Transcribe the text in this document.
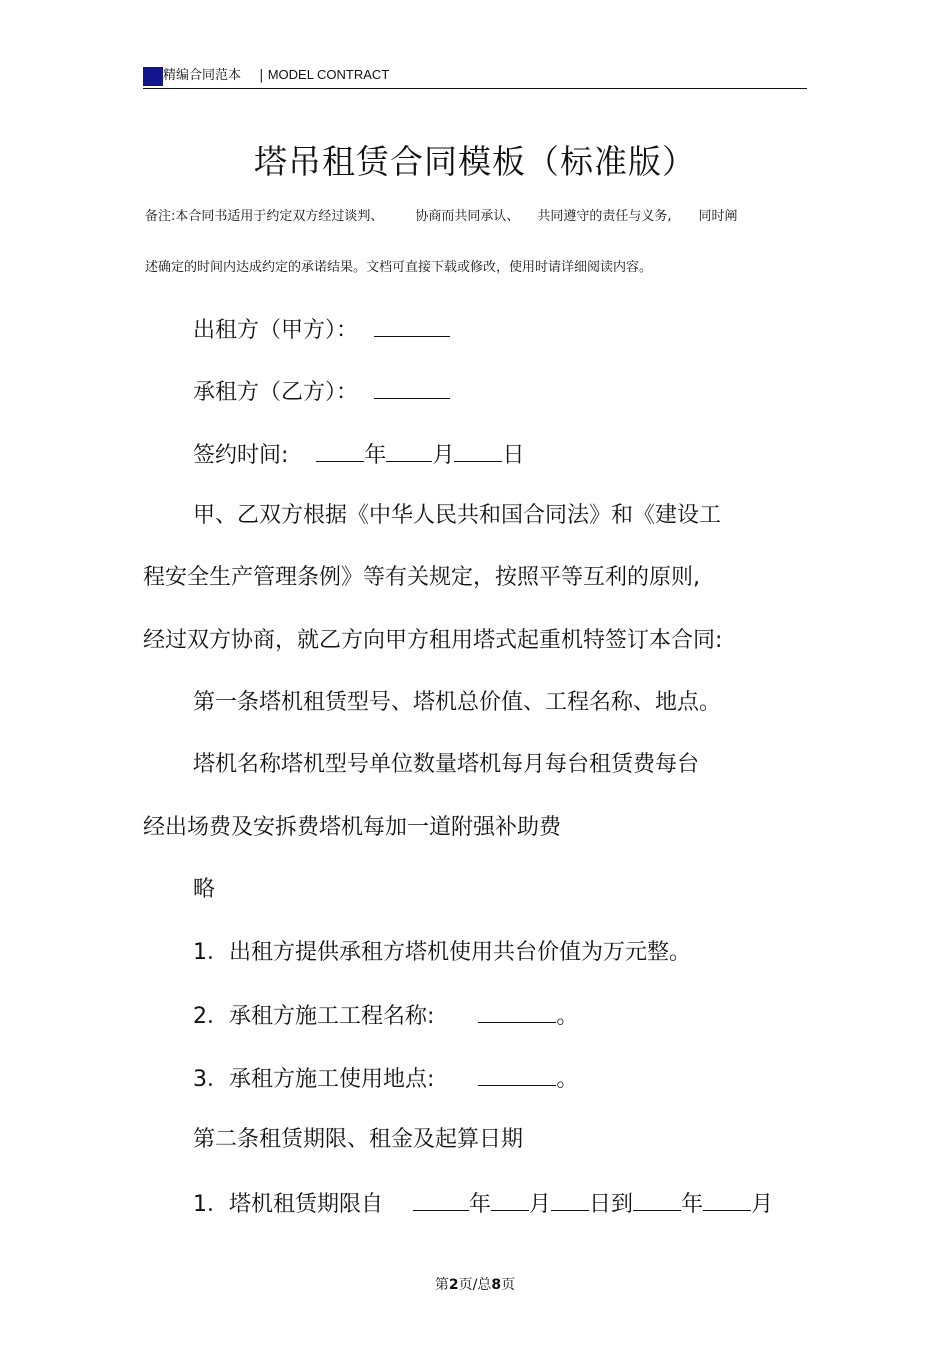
精编合同范本 | MODEL CONTRACT
塔吊租赁合同模板（标准版）
备注:本合同书适用于约定双方经过谈判、 协商而共同承认、 共同遵守的责任与义务, 同时阐
述确定的时间内达成约定的承诺结果。文档可直接下载或修改，使用时请详细阅读内容。
出租方（甲方）：
承租方（乙方）：
签约时间:	年 月 日
甲、乙双方根据《中华人民共和国合同法》和《建设工
程安全生产管理条例》等有关规定，按照平等互利的原则,
经过双方协商，就乙方向甲方租用塔式起重机特签订本合同:
第一条塔机租赁型号、塔机总价值、工程名称、地点。
塔机名称塔机型号单位数量塔机每月每台租赁费每台
经出场费及安拆费塔机每加一道附强补助费
略
1．出租方提供承租方塔机使用共台价值为万元整。
2．承租方施工工程名称:	。
3．承租方施工使用地点:	。
第二条租赁期限、租金及起算日期
1．塔机租赁期限自	年 月 日到 年 月
第2页/总8页
